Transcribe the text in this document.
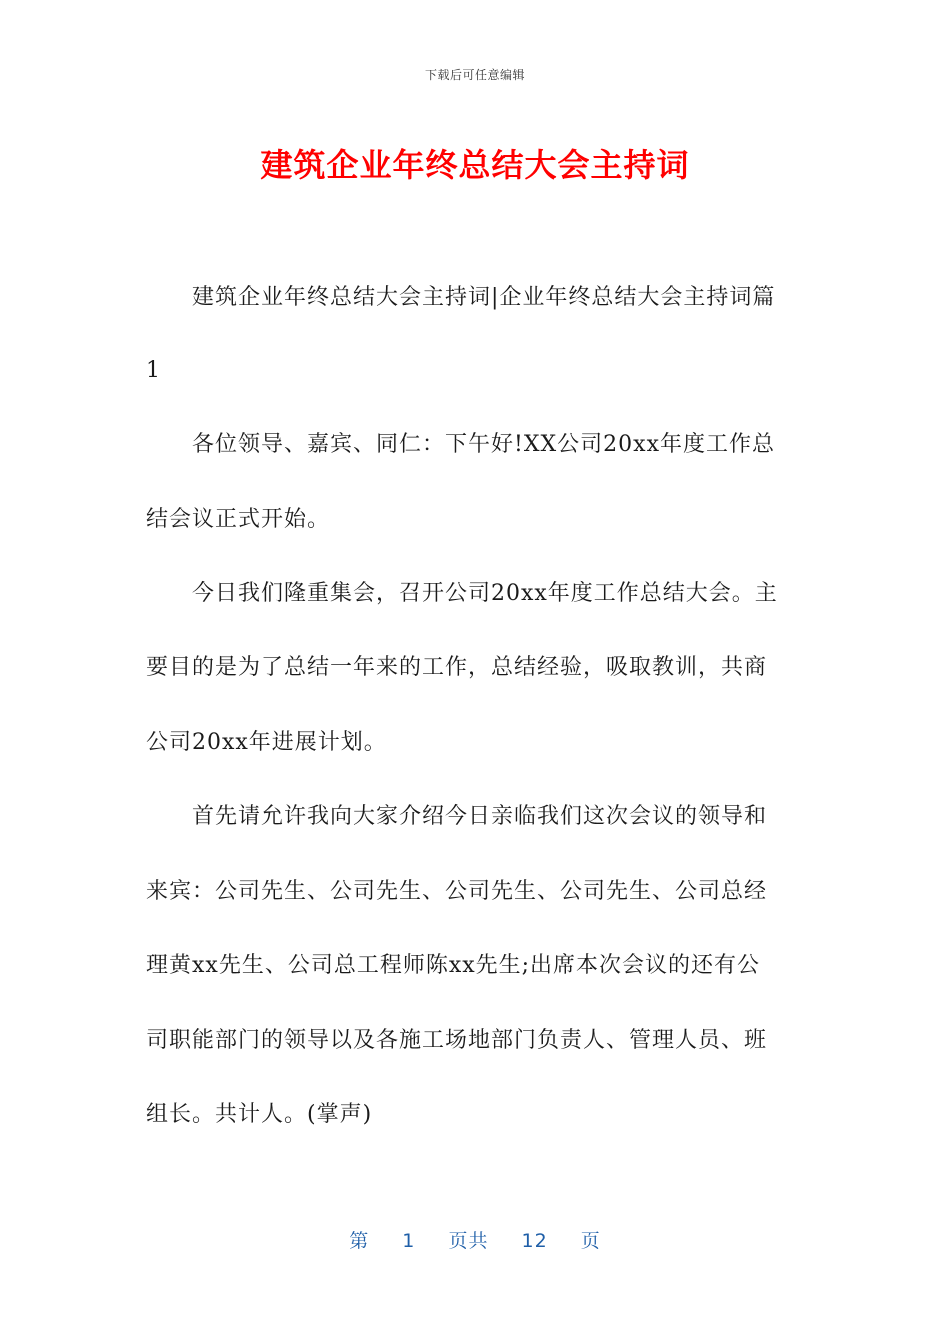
下载后可任意编辑
建筑企业年终总结大会主持词
建筑企业年终总结大会主持词|企业年终总结大会主持词篇
1
各位领导、嘉宾、同仁：下午好!XX公司20xx年度工作总
结会议正式开始。
今日我们隆重集会，召开公司20xx年度工作总结大会。主
要目的是为了总结一年来的工作，总结经验，吸取教训，共商
公司20xx年进展计划。
首先请允许我向大家介绍今日亲临我们这次会议的领导和
来宾：公司先生、公司先生、公司先生、公司先生、公司总经
理黄xx先生、公司总工程师陈xx先生;出席本次会议的还有公
司职能部门的领导以及各施工场地部门负责人、管理人员、班
组长。共计人。(掌声)
第 1 页共 12 页
